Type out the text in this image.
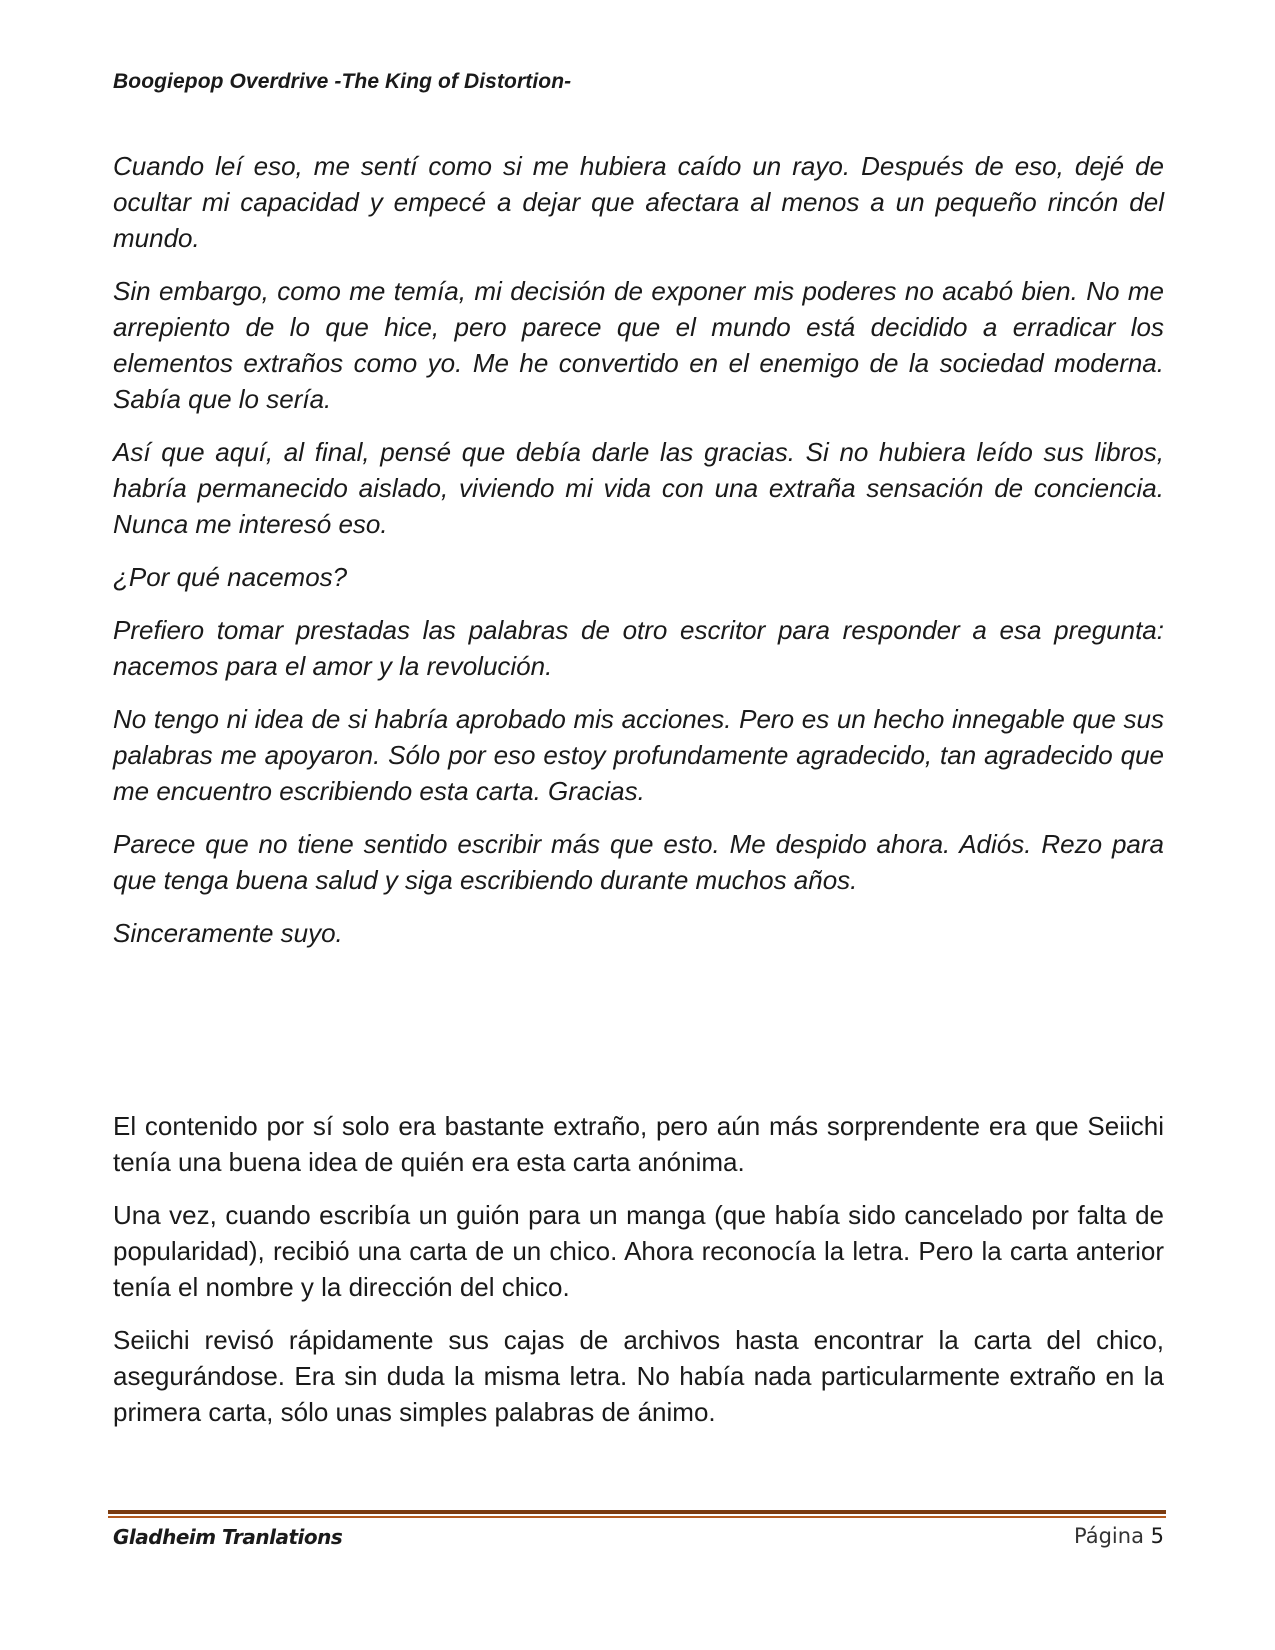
Boogiepop Overdrive -The King of Distortion-

Cuando leí eso, me sentí como si me hubiera caído un rayo. Después de eso, dejé de ocultar mi capacidad y empecé a dejar que afectara al menos a un pequeño rincón del mundo.

Sin embargo, como me temía, mi decisión de exponer mis poderes no acabó bien. No me arrepiento de lo que hice, pero parece que el mundo está decidido a erradicar los elementos extraños como yo. Me he convertido en el enemigo de la sociedad moderna. Sabía que lo sería.

Así que aquí, al final, pensé que debía darle las gracias. Si no hubiera leído sus libros, habría permanecido aislado, viviendo mi vida con una extraña sensación de conciencia. Nunca me interesó eso.

¿Por qué nacemos?

Prefiero tomar prestadas las palabras de otro escritor para responder a esa pregunta: nacemos para el amor y la revolución.

No tengo ni idea de si habría aprobado mis acciones. Pero es un hecho innegable que sus palabras me apoyaron. Sólo por eso estoy profundamente agradecido, tan agradecido que me encuentro escribiendo esta carta. Gracias.

Parece que no tiene sentido escribir más que esto. Me despido ahora. Adiós. Rezo para que tenga buena salud y siga escribiendo durante muchos años.

Sinceramente suyo.

El contenido por sí solo era bastante extraño, pero aún más sorprendente era que Seiichi tenía una buena idea de quién era esta carta anónima.

Una vez, cuando escribía un guión para un manga (que había sido cancelado por falta de popularidad), recibió una carta de un chico. Ahora reconocía la letra. Pero la carta anterior tenía el nombre y la dirección del chico.

Seiichi revisó rápidamente sus cajas de archivos hasta encontrar la carta del chico, asegurándose. Era sin duda la misma letra. No había nada particularmente extraño en la primera carta, sólo unas simples palabras de ánimo.

Gladheim Tranlations	Página 5
